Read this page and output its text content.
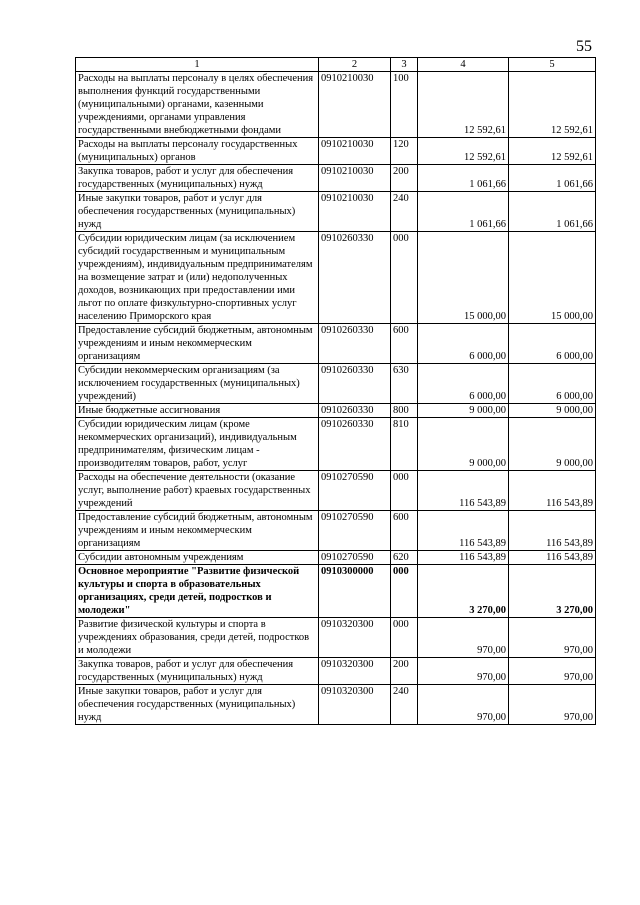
55
1	2	3	4	5
Расходы на выплаты персоналу в целях обеспечения выполнения функций государственными (муниципальными) органами, казенными учреждениями, органами управления государственными внебюджетными фондами	0910210030	100	12 592,61	12 592,61
Расходы на выплаты персоналу государственных (муниципальных) органов	0910210030	120	12 592,61	12 592,61
Закупка товаров, работ и услуг для обеспечения государственных (муниципальных) нужд	0910210030	200	1 061,66	1 061,66
Иные закупки товаров, работ и услуг для обеспечения государственных (муниципальных) нужд	0910210030	240	1 061,66	1 061,66
Субсидии юридическим лицам (за исключением субсидий государственным и муниципальным учреждениям), индивидуальным предпринимателям на возмещение затрат и (или) недополученных доходов, возникающих при предоставлении ими льгот по оплате физкультурно-спортивных услуг населению Приморского края	0910260330	000	15 000,00	15 000,00
Предоставление субсидий бюджетным, автономным учреждениям и иным некоммерческим организациям	0910260330	600	6 000,00	6 000,00
Субсидии некоммерческим организациям (за исключением государственных (муниципальных) учреждений)	0910260330	630	6 000,00	6 000,00
Иные бюджетные ассигнования	0910260330	800	9 000,00	9 000,00
Субсидии юридическим лицам (кроме некоммерческих организаций), индивидуальным предпринимателям, физическим лицам - производителям товаров, работ, услуг	0910260330	810	9 000,00	9 000,00
Расходы на обеспечение деятельности (оказание услуг, выполнение работ) краевых государственных учреждений	0910270590	000	116 543,89	116 543,89
Предоставление субсидий бюджетным, автономным учреждениям и иным некоммерческим организациям	0910270590	600	116 543,89	116 543,89
Субсидии автономным учреждениям	0910270590	620	116 543,89	116 543,89
Основное мероприятие "Развитие физической культуры и спорта в образовательных организациях, среди детей, подростков и молодежи"	0910300000	000	3 270,00	3 270,00
Развитие физической культуры и спорта в учреждениях образования, среди детей, подростков и молодежи	0910320300	000	970,00	970,00
Закупка товаров, работ и услуг для обеспечения государственных (муниципальных) нужд	0910320300	200	970,00	970,00
Иные закупки товаров, работ и услуг для обеспечения государственных (муниципальных) нужд	0910320300	240	970,00	970,00
